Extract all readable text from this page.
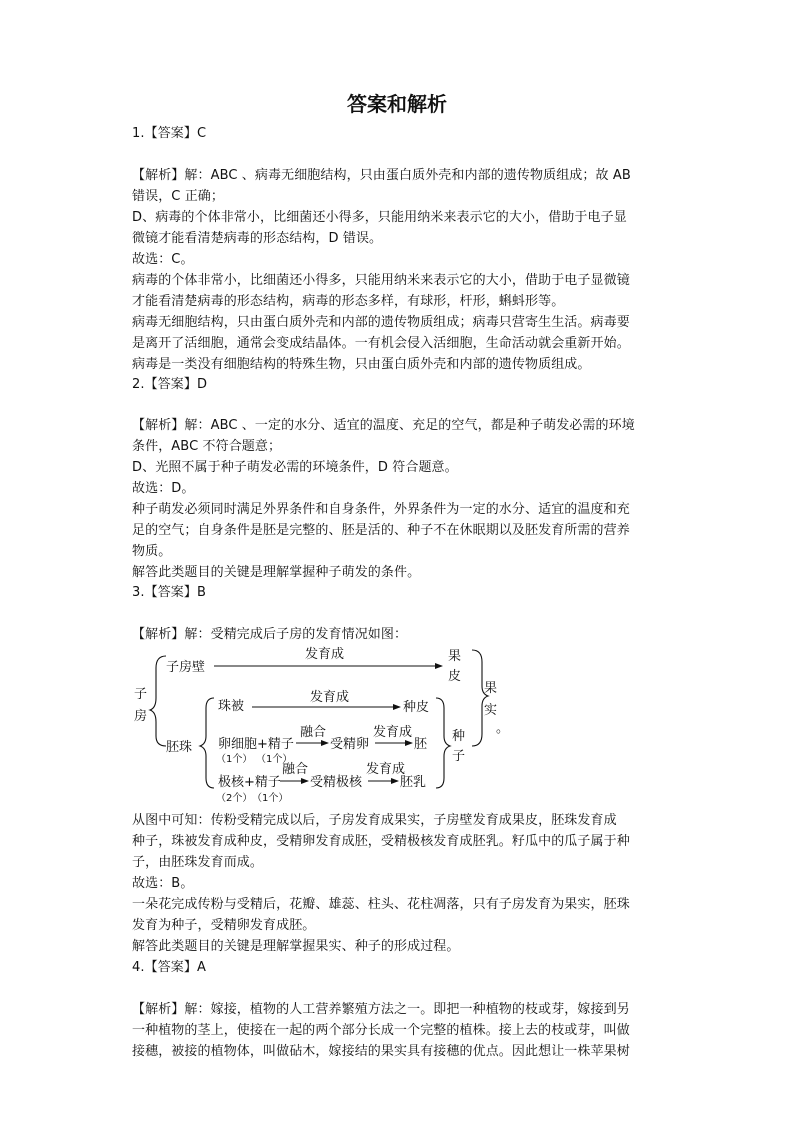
答案和解析
1.【答案】C
【解析】解：ABC 、病毒无细胞结构，只由蛋白质外壳和内部的遗传物质组成；故 AB
错误，C 正确；
D、病毒的个体非常小，比细菌还小得多，只能用纳米来表示它的大小，借助于电子显
微镜才能看清楚病毒的形态结构，D 错误。
故选：C。
病毒的个体非常小，比细菌还小得多，只能用纳米来表示它的大小，借助于电子显微镜
才能看清楚病毒的形态结构，病毒的形态多样，有球形，杆形，蝌蚪形等。
病毒无细胞结构，只由蛋白质外壳和内部的遗传物质组成；病毒只营寄生生活。病毒要
是离开了活细胞，通常会变成结晶体。一有机会侵入活细胞，生命活动就会重新开始。
病毒是一类没有细胞结构的特殊生物，只由蛋白质外壳和内部的遗传物质组成。
2.【答案】D
【解析】解：ABC 、一定的水分、适宜的温度、充足的空气，都是种子萌发必需的环境
条件，ABC 不符合题意；
D、光照不属于种子萌发必需的环境条件，D 符合题意。
故选：D。
种子萌发必须同时满足外界条件和自身条件，外界条件为一定的水分、适宜的温度和充
足的空气；自身条件是胚是完整的、胚是活的、种子不在休眠期以及胚发育所需的营养
物质。
解答此类题目的关键是理解掌握种子萌发的条件。
3.【答案】B
【解析】解：受精完成后子房的发育情况如图：
从图中可知：传粉受精完成以后，子房发育成果实，子房壁发育成果皮，胚珠发育成
种子，珠被发育成种皮，受精卵发育成胚，受精极核发育成胚乳。籽瓜中的瓜子属于种
子，由胚珠发育而成。
故选：B。
一朵花完成传粉与受精后，花瓣、雄蕊、柱头、花柱凋落，只有子房发育为果实，胚珠
发育为种子，受精卵发育成胚。
解答此类题目的关键是理解掌握果实、种子的形成过程。
4.【答案】A
【解析】解：嫁接，植物的人工营养繁殖方法之一。即把一种植物的枝或芽，嫁接到另
一种植物的茎上，使接在一起的两个部分长成一个完整的植株。接上去的枝或芽，叫做
接穗，被接的植物体，叫做砧木，嫁接结的果实具有接穗的优点。因此想让一株苹果树
子
房
子房壁
发育成	果
皮
胚珠
珠被
发育成
种皮
卵细胞+精子
融合
受精卵
发育成
胚
（1个） （1个）
极核+精子
融合
受精极核
发育成
胚乳
（2个） （1个）
种
子
果
实
。
